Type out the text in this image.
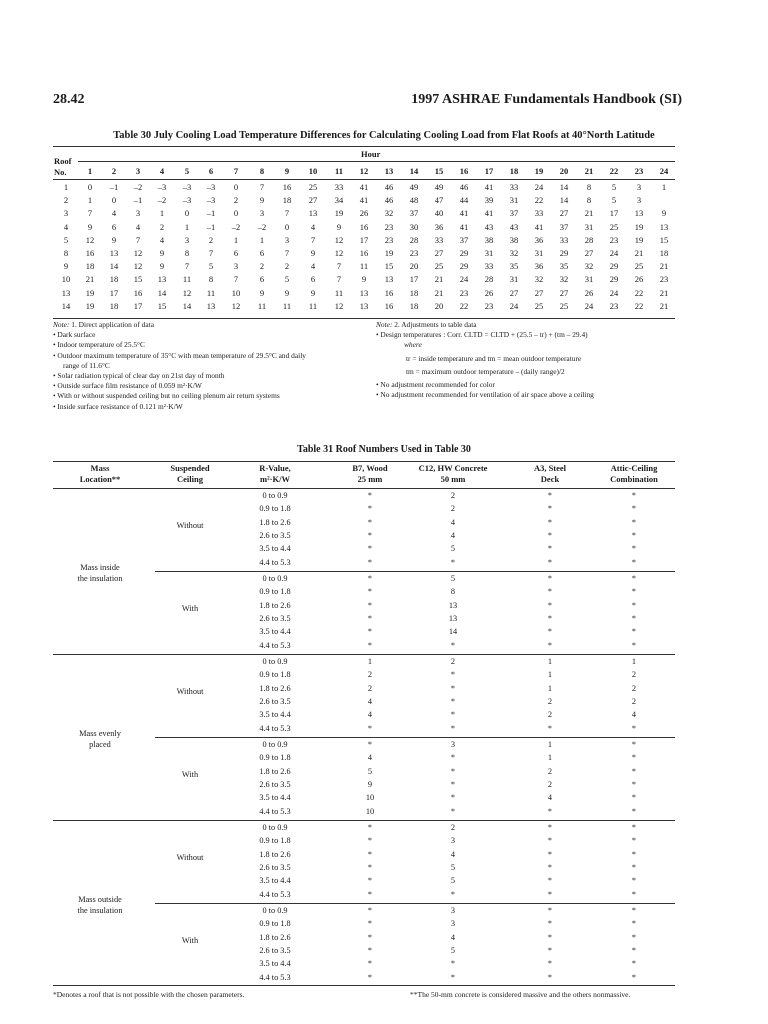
28.42	1997 ASHRAE Fundamentals Handbook (SI)
Table 30 July Cooling Load Temperature Differences for Calculating Cooling Load from Flat Roofs at 40°North Latitude
Hour
Roof
No.	1	2	3	4	5	6	7	8	9	10	11	12	13	14	15	16	17	18	19	20	21	22	23	24
1	0	–1	–2	–3	–3	–3	0	7	16	25	33	41	46	49	49	46	41	33	24	14	8	5	3	1
2	1	0	–1	–2	–3	–3	2	9	18	27	34	41	46	48	47	44	39	31	22	14	8	5	3
3	7	4	3	1	0	–1	0	3	7	13	19	26	32	37	40	41	41	37	33	27	21	17	13	9
4	9	6	4	2	1	–1	–2	–2	0	4	9	16	23	30	36	41	43	43	41	37	31	25	19	13
5	12	9	7	4	3	2	1	1	3	7	12	17	23	28	33	37	38	38	36	33	28	23	19	15
8	16	13	12	9	8	7	6	6	7	9	12	16	19	23	27	29	31	32	31	29	27	24	21	18
9	18	14	12	9	7	5	3	2	2	4	7	11	15	20	25	29	33	35	36	35	32	29	25	21
10	21	18	15	13	11	8	7	6	5	6	7	9	13	17	21	24	28	31	32	32	31	29	26	23
13	19	17	16	14	12	11	10	9	9	9	11	13	16	18	21	23	26	27	27	27	26	24	22	21
14	19	18	17	15	14	13	12	11	11	11	12	13	16	18	20	22	23	24	25	25	24	23	22	21
Note: 1. Direct application of data
• Dark surface
• Indoor temperature of 25.5°C
• Outdoor maximum temperature of 35°C with mean temperature of 29.5°C and daily
range of 11.6°C
• Solar radiation typical of clear day on 21st day of month
• Outside surface film resistance of 0.059 m²·K/W
• With or without suspended ceiling but no ceiling plenum air return systems
• Inside surface resistance of 0.121 m²·K/W
Note: 2. Adjustments to table data
• Design temperatures : Corr. CLTD = CLTD + (25.5 – tr) + (tm – 29.4)
where
tr = inside temperature and tm = mean outdoor temperature
tm = maximum outdoor temperature – (daily range)/2
• No adjustment recommended for color
• No adjustment recommended for ventilation of air space above a ceiling
Table 31 Roof Numbers Used in Table 30
Mass
Location**
Suspended
Ceiling
R-Value,
m²·K/W
B7, Wood
25 mm
C12, HW Concrete
50 mm
A3, Steel
Deck
Attic-Ceiling
Combination
Mass inside
the insulation
Without
0 to 0.9	*	2	*	*
0.9 to 1.8	*	2	*	*
1.8 to 2.6	*	4	*	*
2.6 to 3.5	*	4	*	*
3.5 to 4.4	*	5	*	*
4.4 to 5.3	*	*	*	*
With
0 to 0.9	*	5	*	*
0.9 to 1.8	*	8	*	*
1.8 to 2.6	*	13	*	*
2.6 to 3.5	*	13	*	*
3.5 to 4.4	*	14	*	*
4.4 to 5.3	*	*	*	*
Mass evenly
placed
Without
0 to 0.9	1	2	1	1
0.9 to 1.8	2	*	1	2
1.8 to 2.6	2	*	1	2
2.6 to 3.5	4	*	2	2
3.5 to 4.4	4	*	2	4
4.4 to 5.3	*	*	*	*
With
0 to 0.9	*	3	1	*
0.9 to 1.8	4	*	1	*
1.8 to 2.6	5	*	2	*
2.6 to 3.5	9	*	2	*
3.5 to 4.4	10	*	4	*
4.4 to 5.3	10	*	*	*
Mass outside
the insulation
Without
0 to 0.9	*	2	*	*
0.9 to 1.8	*	3	*	*
1.8 to 2.6	*	4	*	*
2.6 to 3.5	*	5	*	*
3.5 to 4.4	*	5	*	*
4.4 to 5.3	*	*	*	*
With
0 to 0.9	*	3	*	*
0.9 to 1.8	*	3	*	*
1.8 to 2.6	*	4	*	*
2.6 to 3.5	*	5	*	*
3.5 to 4.4	*	*	*	*
4.4 to 5.3	*	*	*	*
*Denotes a roof that is not possible with the chosen parameters.	**The 50-mm concrete is considered massive and the others nonmassive.
